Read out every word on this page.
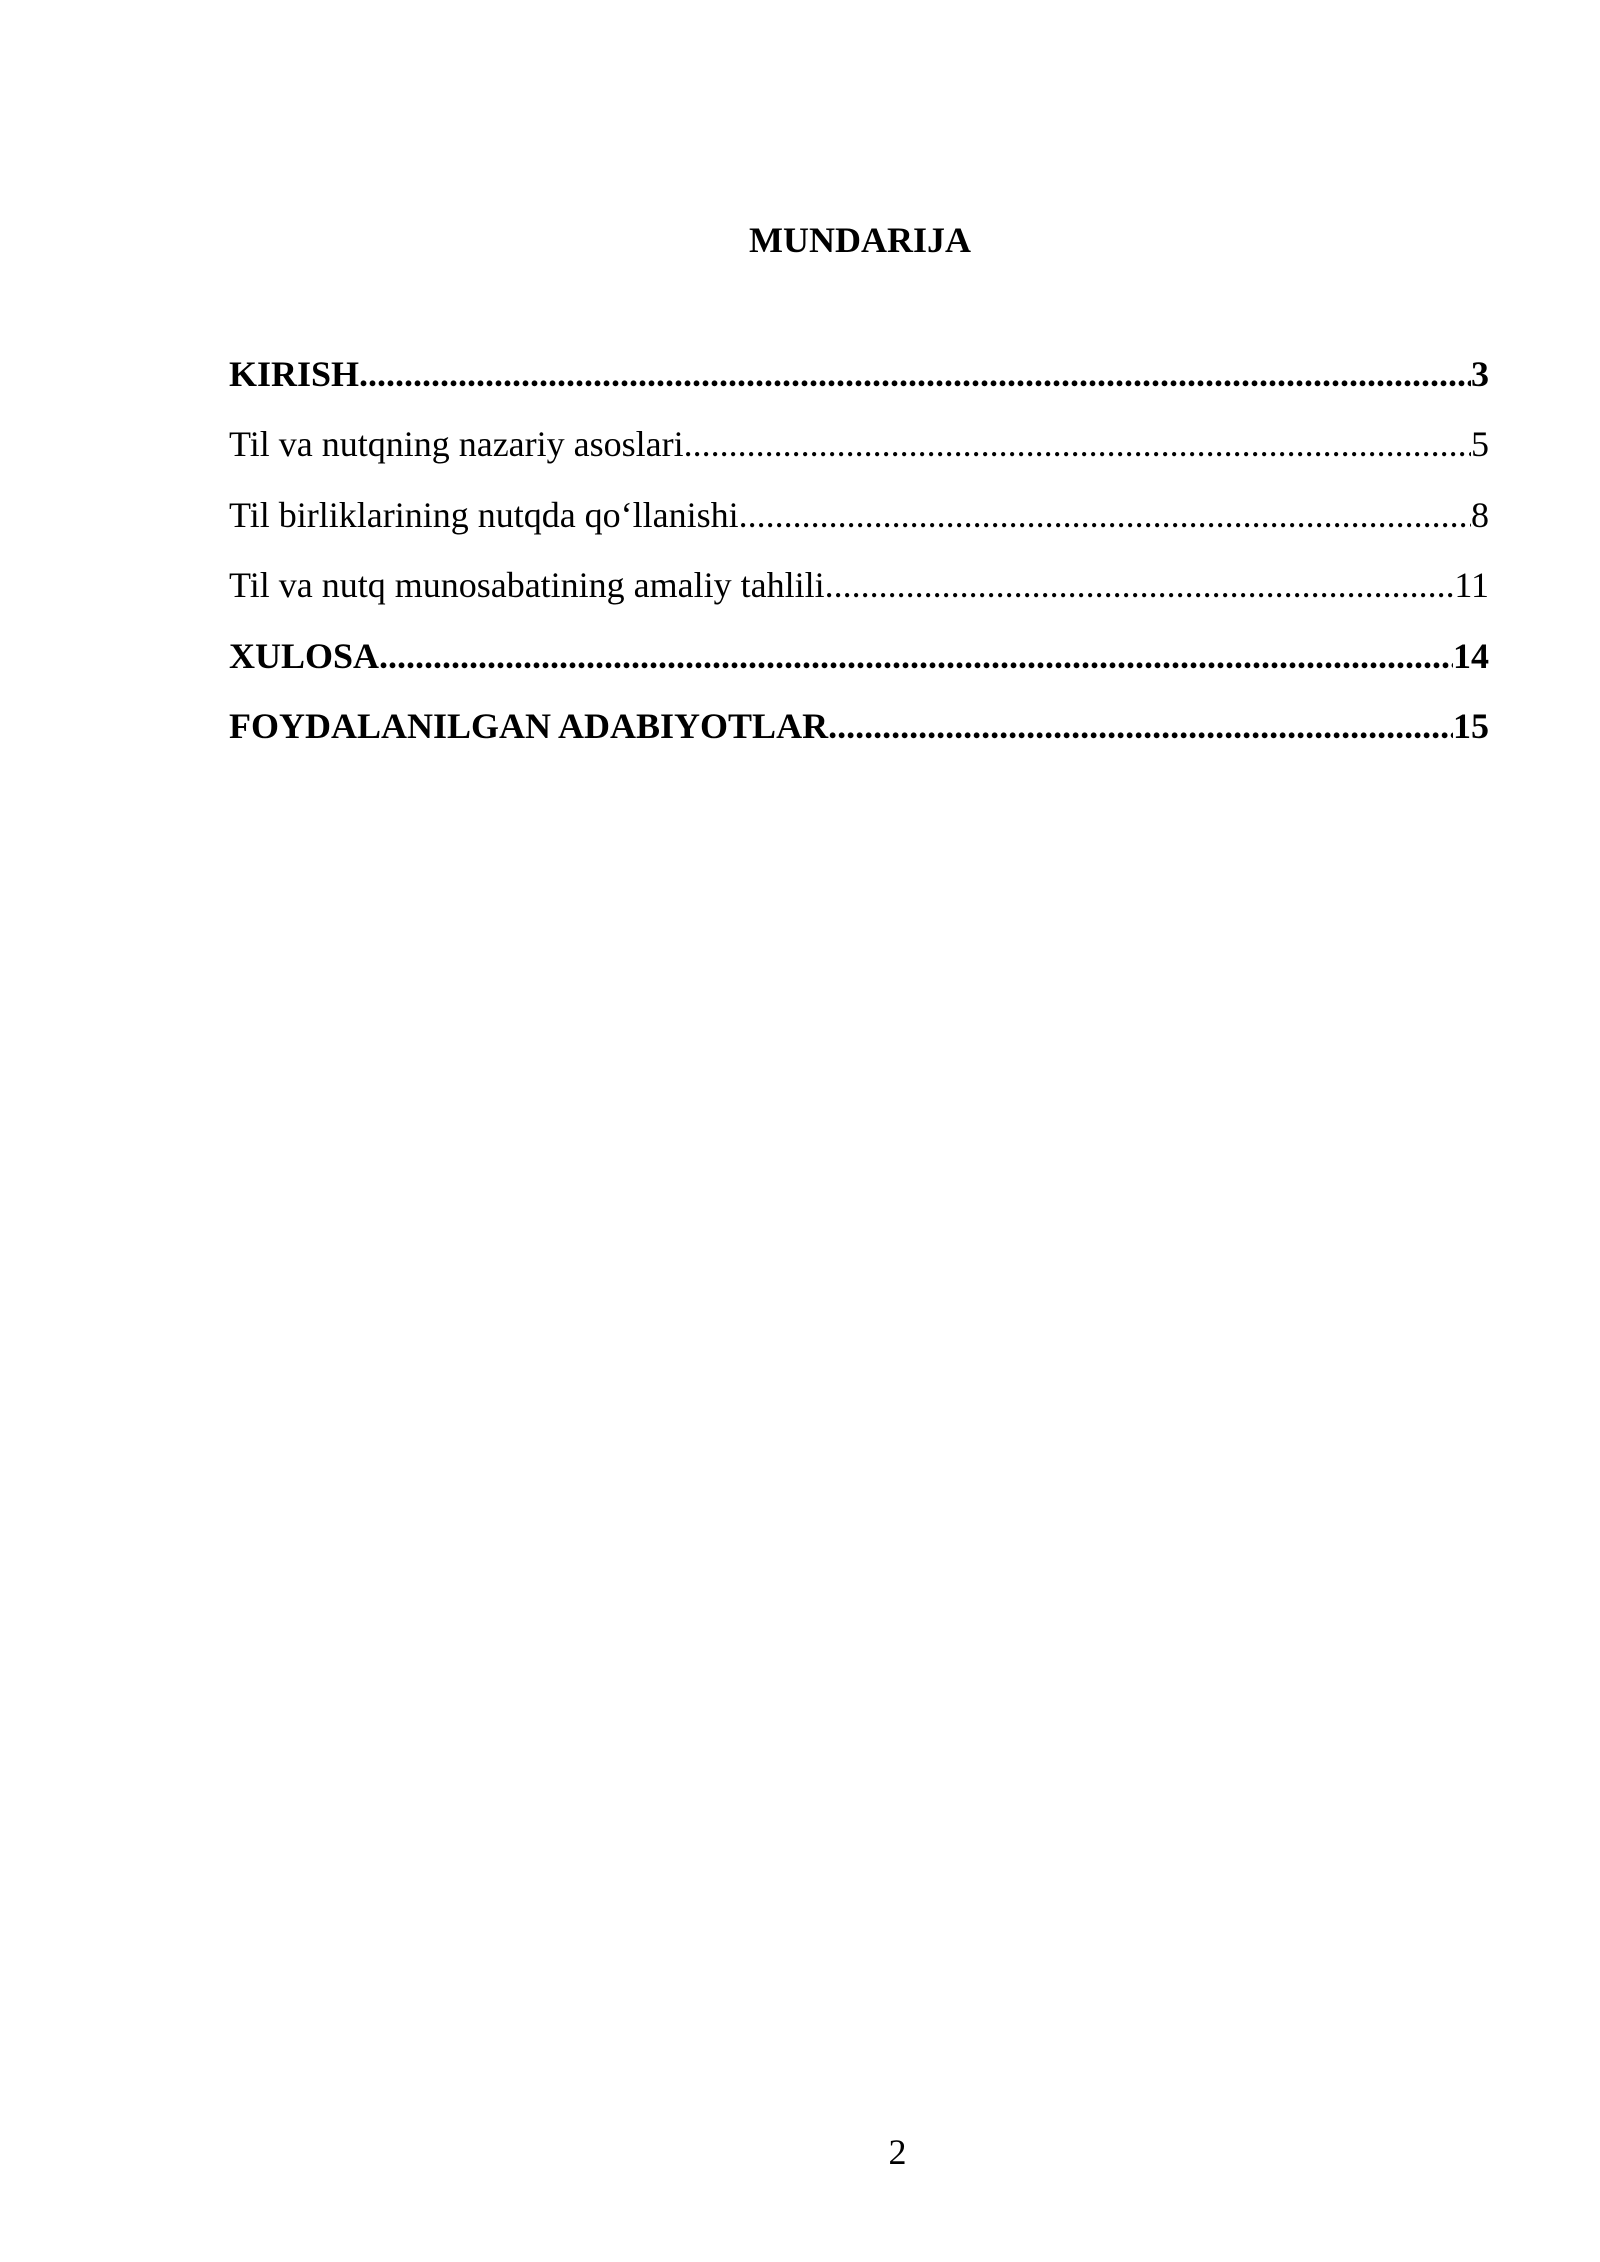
MUNDARIJA
KIRISH .....	3
Til va nutqning nazariy asoslari .....	5
Til birliklarining nutqda qo‘llanishi .....	8
Til va nutq munosabatining amaliy tahlili .....	11
XULOSA .....	14
FOYDALANILGAN ADABIYOTLAR .....	15
2
